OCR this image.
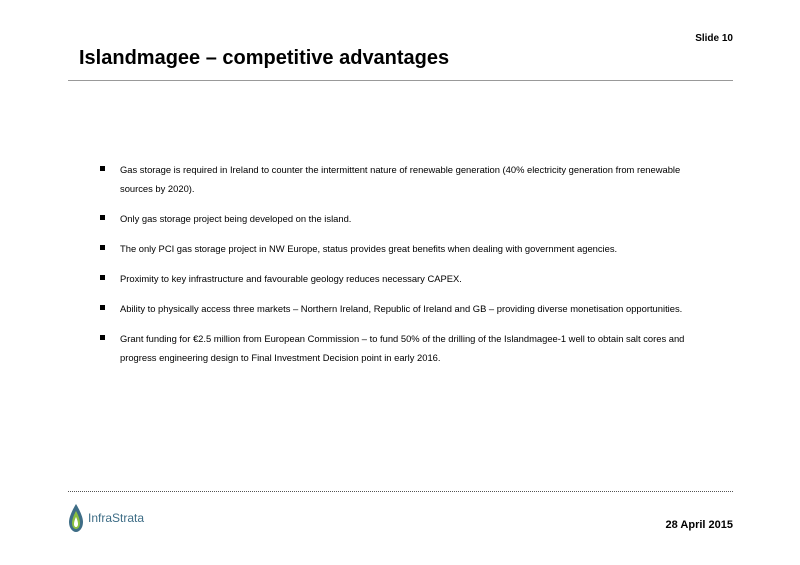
Slide 10
Islandmagee – competitive advantages
Gas storage is required in Ireland to counter the intermittent nature of renewable generation (40% electricity generation from renewable sources by 2020).
Only gas storage project being developed on the island.
The only PCI gas storage project in NW Europe, status provides great benefits when dealing with government agencies.
Proximity to key infrastructure and favourable geology reduces necessary CAPEX.
Ability to physically access three markets – Northern Ireland, Republic of Ireland and GB – providing diverse monetisation opportunities.
Grant funding for €2.5 million from European Commission – to fund 50% of the drilling of the Islandmagee-1 well to obtain salt cores and progress engineering design to Final Investment Decision point in early 2016.
InfraStrata	28 April 2015
